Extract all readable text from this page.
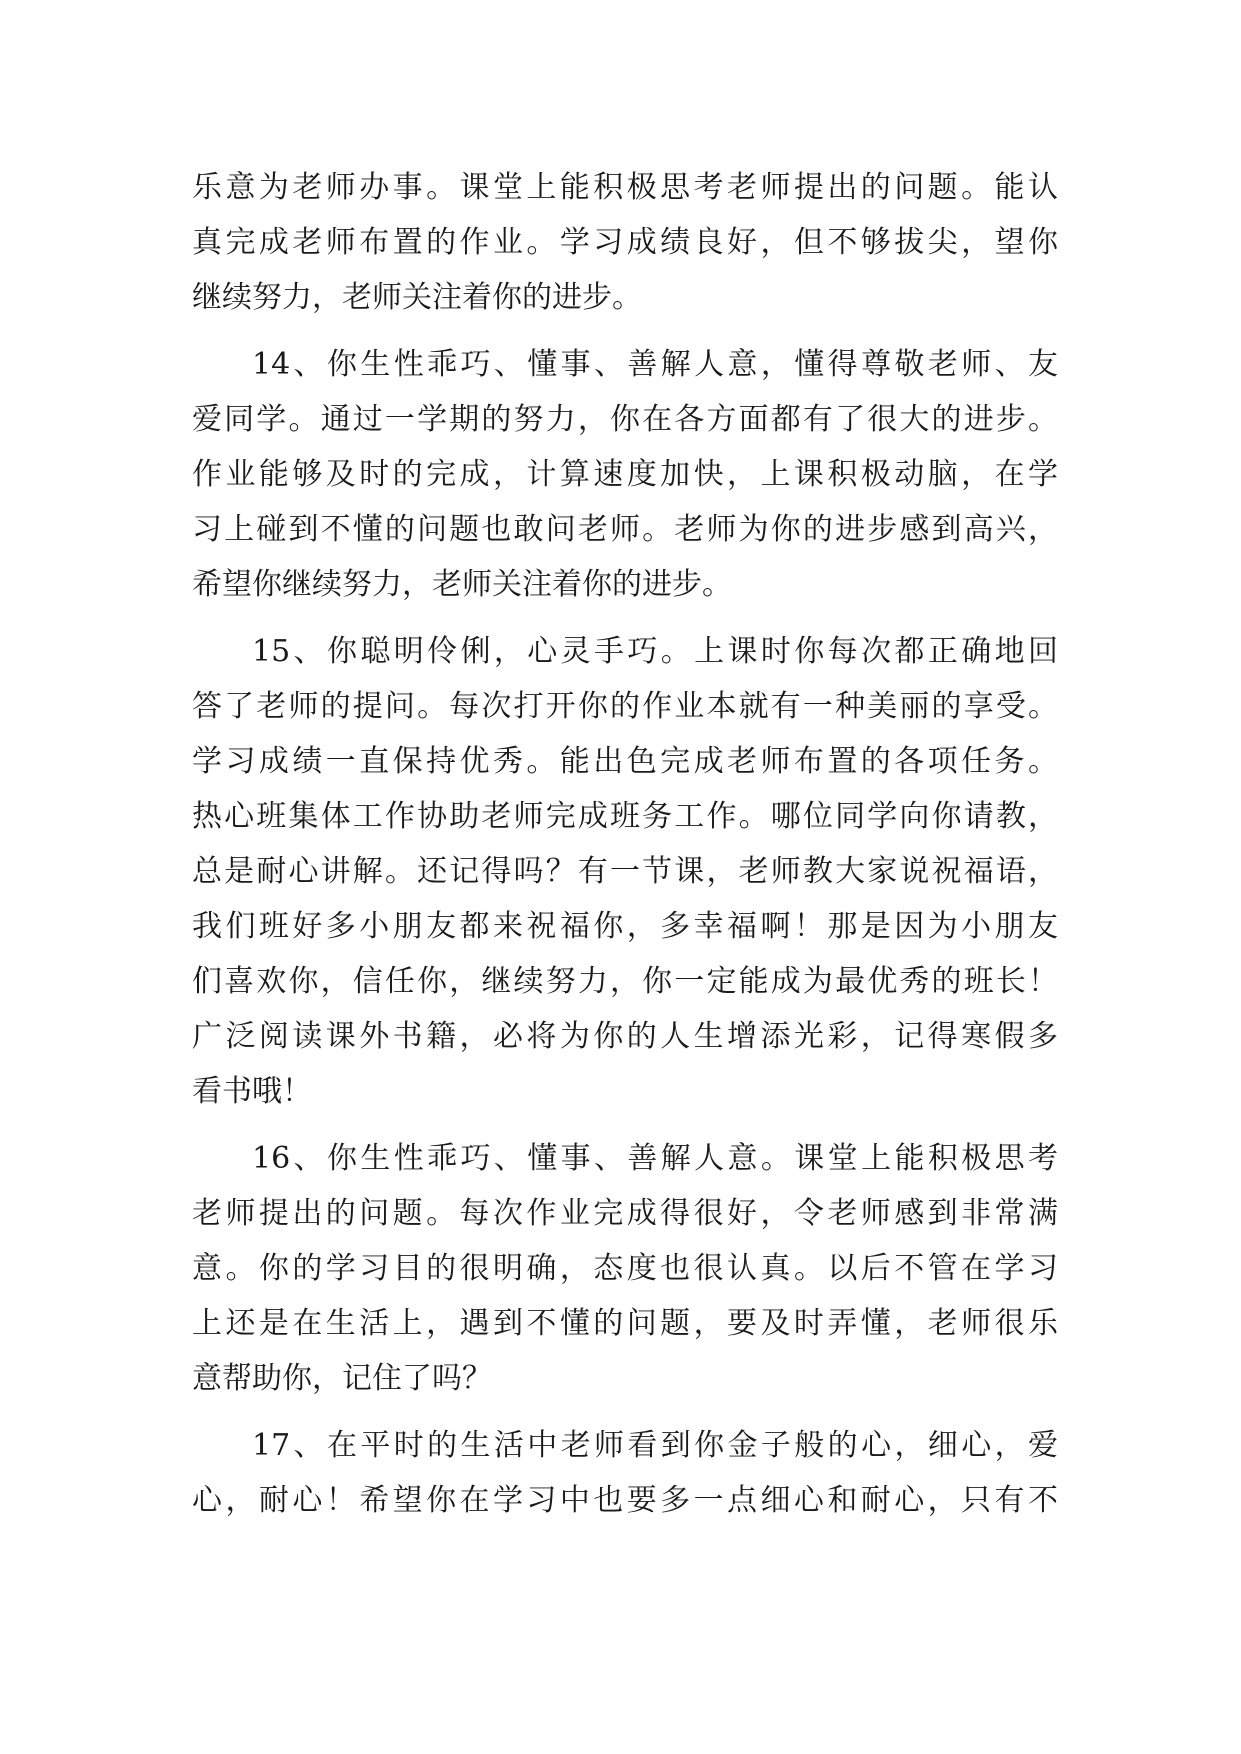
乐意为老师办事。课堂上能积极思考老师提出的问题。能认
真完成老师布置的作业。学习成绩良好，但不够拔尖，望你
继续努力，老师关注着你的进步。
14、你生性乖巧、懂事、善解人意，懂得尊敬老师、友
爱同学。通过一学期的努力，你在各方面都有了很大的进步。
作业能够及时的完成，计算速度加快，上课积极动脑，在学
习上碰到不懂的问题也敢问老师。老师为你的进步感到高兴，
希望你继续努力，老师关注着你的进步。
15、你聪明伶俐，心灵手巧。上课时你每次都正确地回
答了老师的提问。每次打开你的作业本就有一种美丽的享受。
学习成绩一直保持优秀。能出色完成老师布置的各项任务。
热心班集体工作协助老师完成班务工作。哪位同学向你请教，
总是耐心讲解。还记得吗？有一节课，老师教大家说祝福语，
我们班好多小朋友都来祝福你，多幸福啊！那是因为小朋友
们喜欢你，信任你，继续努力，你一定能成为最优秀的班长！
广泛阅读课外书籍，必将为你的人生增添光彩，记得寒假多
看书哦！
16、你生性乖巧、懂事、善解人意。课堂上能积极思考
老师提出的问题。每次作业完成得很好，令老师感到非常满
意。你的学习目的很明确，态度也很认真。以后不管在学习
上还是在生活上，遇到不懂的问题，要及时弄懂，老师很乐
意帮助你，记住了吗？
17、在平时的生活中老师看到你金子般的心，细心，爱
心，耐心！希望你在学习中也要多一点细心和耐心，只有不
